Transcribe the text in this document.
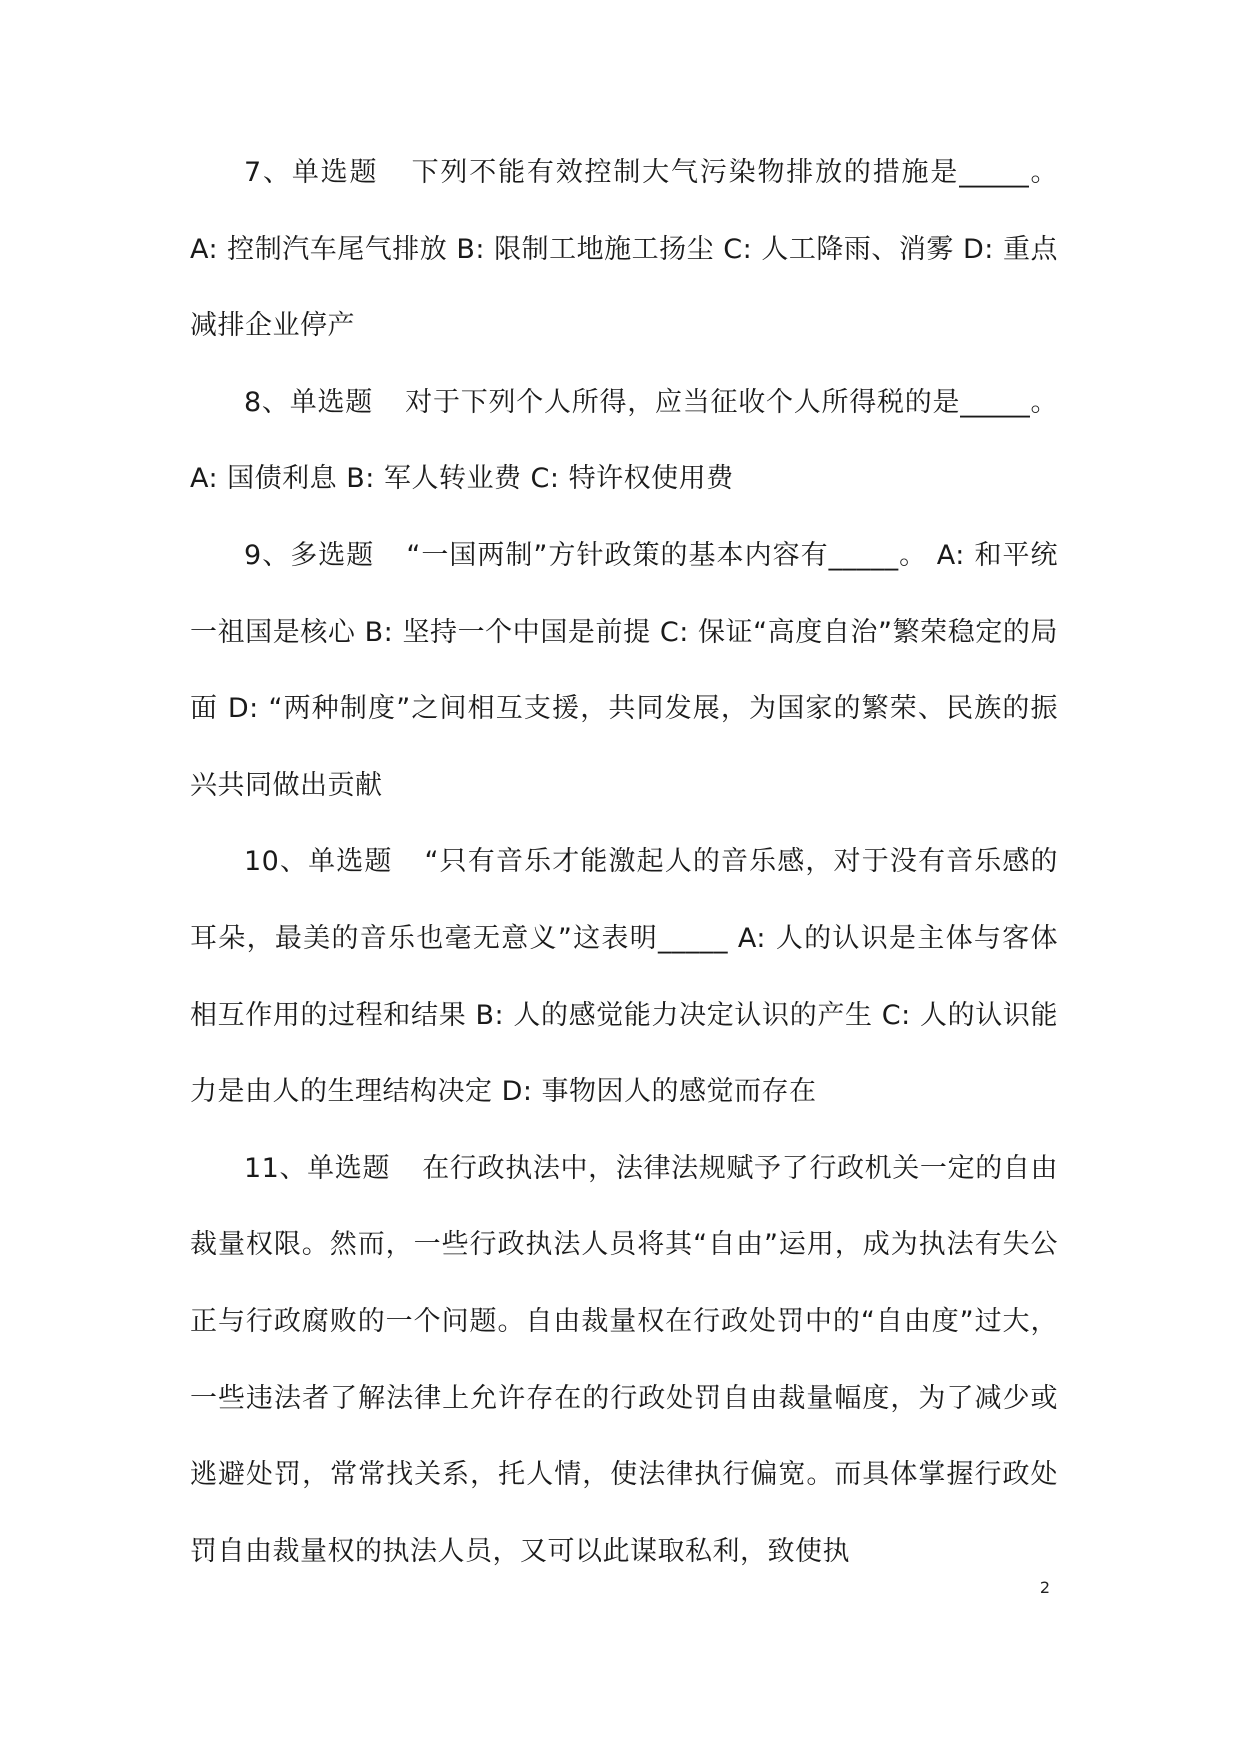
7、单选题 下列不能有效控制大气污染物排放的措施是_____。 A: 控制汽车尾气排放 B: 限制工地施工扬尘 C: 人工降雨、消雾 D: 重点减排企业停产

8、单选题 对于下列个人所得，应当征收个人所得税的是_____。 A: 国债利息 B: 军人转业费 C: 特许权使用费

9、多选题 “一国两制”方针政策的基本内容有_____。 A: 和平统一祖国是核心 B: 坚持一个中国是前提 C: 保证“高度自治”繁荣稳定的局面 D: “两种制度”之间相互支援，共同发展，为国家的繁荣、民族的振兴共同做出贡献

10、单选题 “只有音乐才能激起人的音乐感，对于没有音乐感的耳朵，最美的音乐也毫无意义”这表明_____ A: 人的认识是主体与客体相互作用的过程和结果 B: 人的感觉能力决定认识的产生 C: 人的认识能力是由人的生理结构决定 D: 事物因人的感觉而存在

11、单选题 在行政执法中，法律法规赋予了行政机关一定的自由裁量权限。然而，一些行政执法人员将其“自由”运用，成为执法有失公正与行政腐败的一个问题。自由裁量权在行政处罚中的“自由度”过大，一些违法者了解法律上允许存在的行政处罚自由裁量幅度，为了减少或逃避处罚，常常找关系，托人情，使法律执行偏宽。而具体掌握行政处罚自由裁量权的执法人员，又可以此谋取私利，致使执

2
